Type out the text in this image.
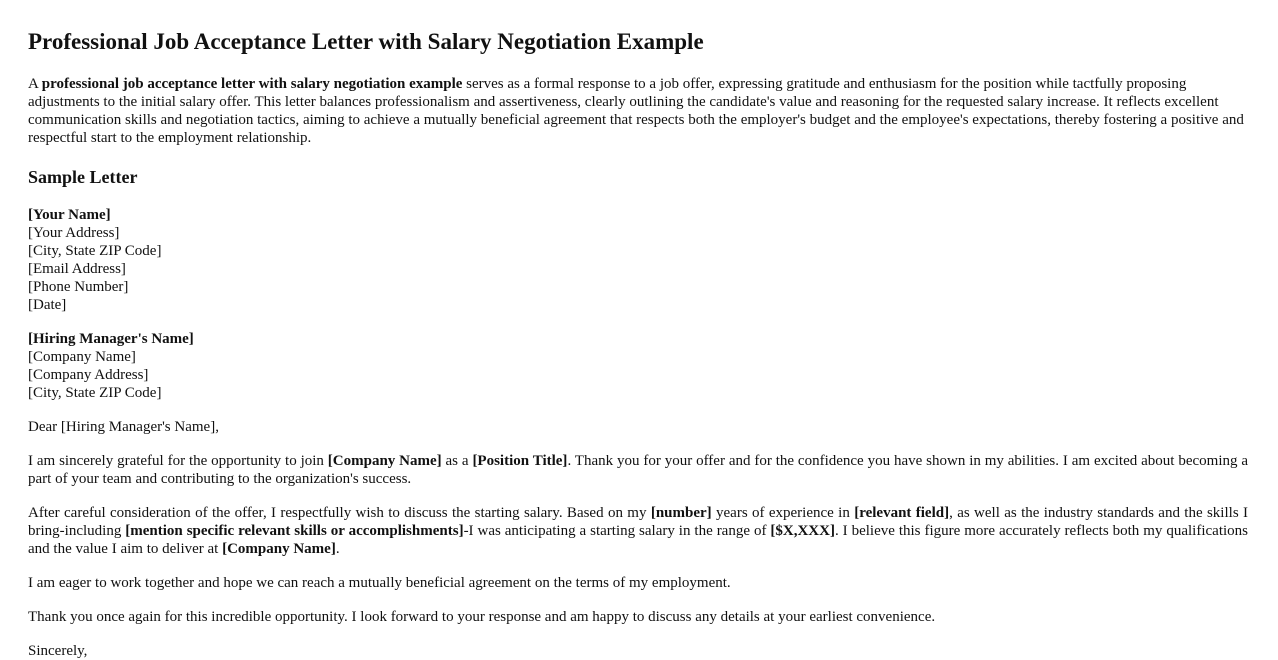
Professional Job Acceptance Letter with Salary Negotiation Example

A professional job acceptance letter with salary negotiation example serves as a formal response to a job offer, expressing gratitude and enthusiasm for the position while tactfully proposing adjustments to the initial salary offer. This letter balances professionalism and assertiveness, clearly outlining the candidate's value and reasoning for the requested salary increase. It reflects excellent communication skills and negotiation tactics, aiming to achieve a mutually beneficial agreement that respects both the employer's budget and the employee's expectations, thereby fostering a positive and respectful start to the employment relationship.

Sample Letter
[Your Name]
[Your Address]
[City, State ZIP Code]
[Email Address]
[Phone Number]
[Date]
[Hiring Manager's Name]
[Company Name]
[Company Address]
[City, State ZIP Code]

Dear [Hiring Manager's Name],

I am sincerely grateful for the opportunity to join [Company Name] as a [Position Title]. Thank you for your offer and for the confidence you have shown in my abilities. I am excited about becoming a part of your team and contributing to the organization's success.

After careful consideration of the offer, I respectfully wish to discuss the starting salary. Based on my [number] years of experience in [relevant field], as well as the industry standards and the skills I bring-including [mention specific relevant skills or accomplishments]-I was anticipating a starting salary in the range of [$X,XXX]. I believe this figure more accurately reflects both my qualifications and the value I aim to deliver at [Company Name].

I am eager to work together and hope we can reach a mutually beneficial agreement on the terms of my employment.

Thank you once again for this incredible opportunity. I look forward to your response and am happy to discuss any details at your earliest convenience.

Sincerely,
